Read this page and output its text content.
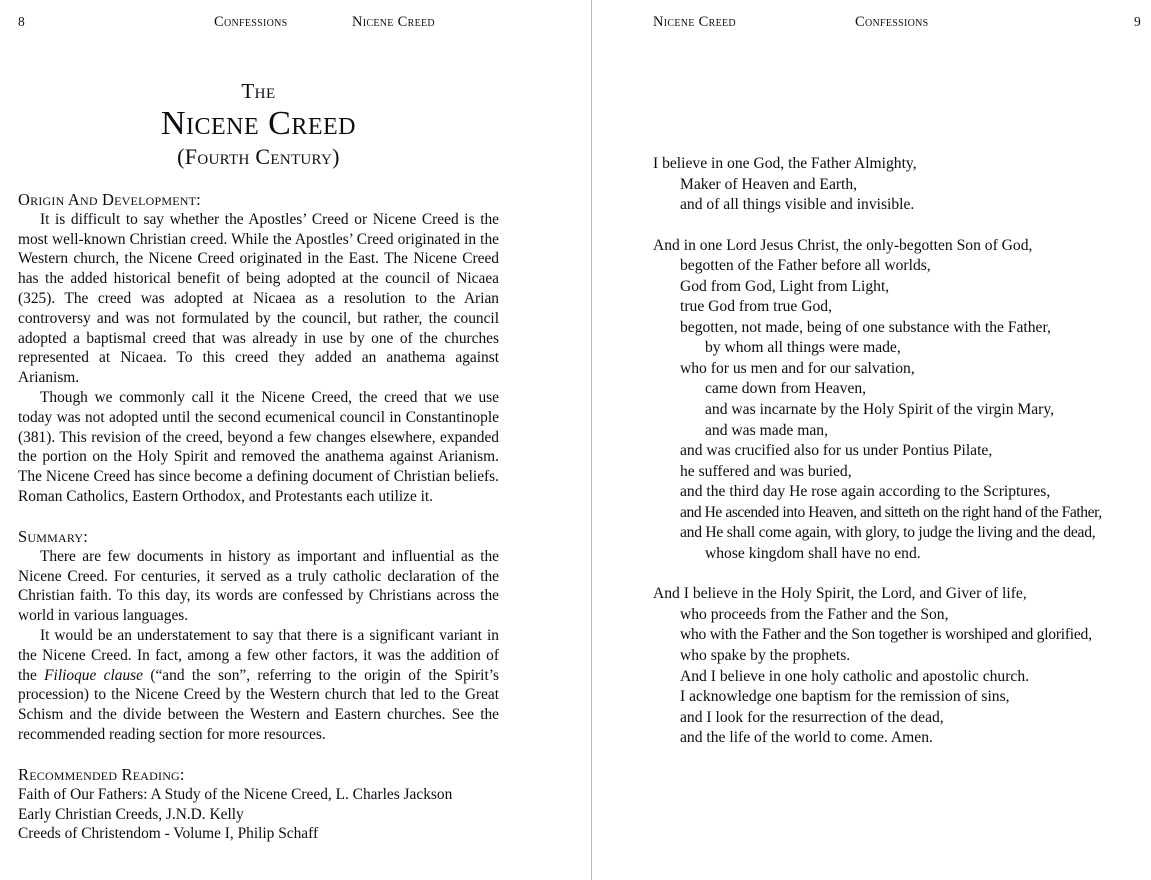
8	Confessions	Nicene Creed
The
Nicene Creed
(Fourth Century)
Origin And Development:

It is difficult to say whether the Apostles’ Creed or Nicene Creed is the most well-known Christian creed. While the Apostles’ Creed originated in the Western church, the Nicene Creed originated in the East. The Nicene Creed has the added historical benefit of being adopted at the council of Nicaea (325). The creed was adopted at Nicaea as a resolution to the Arian controversy and was not formulated by the council, but rather, the council adopted a baptismal creed that was already in use by one of the churches represented at Nicaea. To this creed they added an anathema against Arianism.

Though we commonly call it the Nicene Creed, the creed that we use today was not adopted until the second ecumenical council in Constantinople (381). This revision of the creed, beyond a few changes elsewhere, expanded the portion on the Holy Spirit and removed the anathema against Arianism. The Nicene Creed has since become a defining document of Christian beliefs. Roman Catholics, Eastern Orthodox, and Protestants each utilize it.

Summary:

There are few documents in history as important and influential as the Nicene Creed. For centuries, it served as a truly catholic declaration of the Christian faith. To this day, its words are confessed by Christians across the world in various languages.

It would be an understatement to say that there is a significant variant in the Nicene Creed. In fact, among a few other factors, it was the addition of the Filioque clause (“and the son”, referring to the origin of the Spirit’s procession) to the Nicene Creed by the Western church that led to the Great Schism and the divide between the Western and Eastern churches. See the recommended reading section for more resources.

Recommended Reading:
Faith of Our Fathers: A Study of the Nicene Creed, L. Charles Jackson
Early Christian Creeds, J.N.D. Kelly
Creeds of Christendom - Volume I, Philip Schaff
Nicene Creed	Confessions	9
I believe in one God, the Father Almighty,
Maker of Heaven and Earth,
and of all things visible and invisible.
And in one Lord Jesus Christ, the only-begotten Son of God,
begotten of the Father before all worlds,
God from God, Light from Light,
true God from true God,
begotten, not made, being of one substance with the Father,
by whom all things were made,
who for us men and for our salvation,
came down from Heaven,
and was incarnate by the Holy Spirit of the virgin Mary,
and was made man,
and was crucified also for us under Pontius Pilate,
he suffered and was buried,
and the third day He rose again according to the Scriptures,
and He ascended into Heaven, and sitteth on the right hand of the Father,
and He shall come again, with glory, to judge the living and the dead,
whose kingdom shall have no end.
And I believe in the Holy Spirit, the Lord, and Giver of life,
who proceeds from the Father and the Son,
who with the Father and the Son together is worshiped and glorified,
who spake by the prophets.
And I believe in one holy catholic and apostolic church.
I acknowledge one baptism for the remission of sins,
and I look for the resurrection of the dead,
and the life of the world to come. Amen.
